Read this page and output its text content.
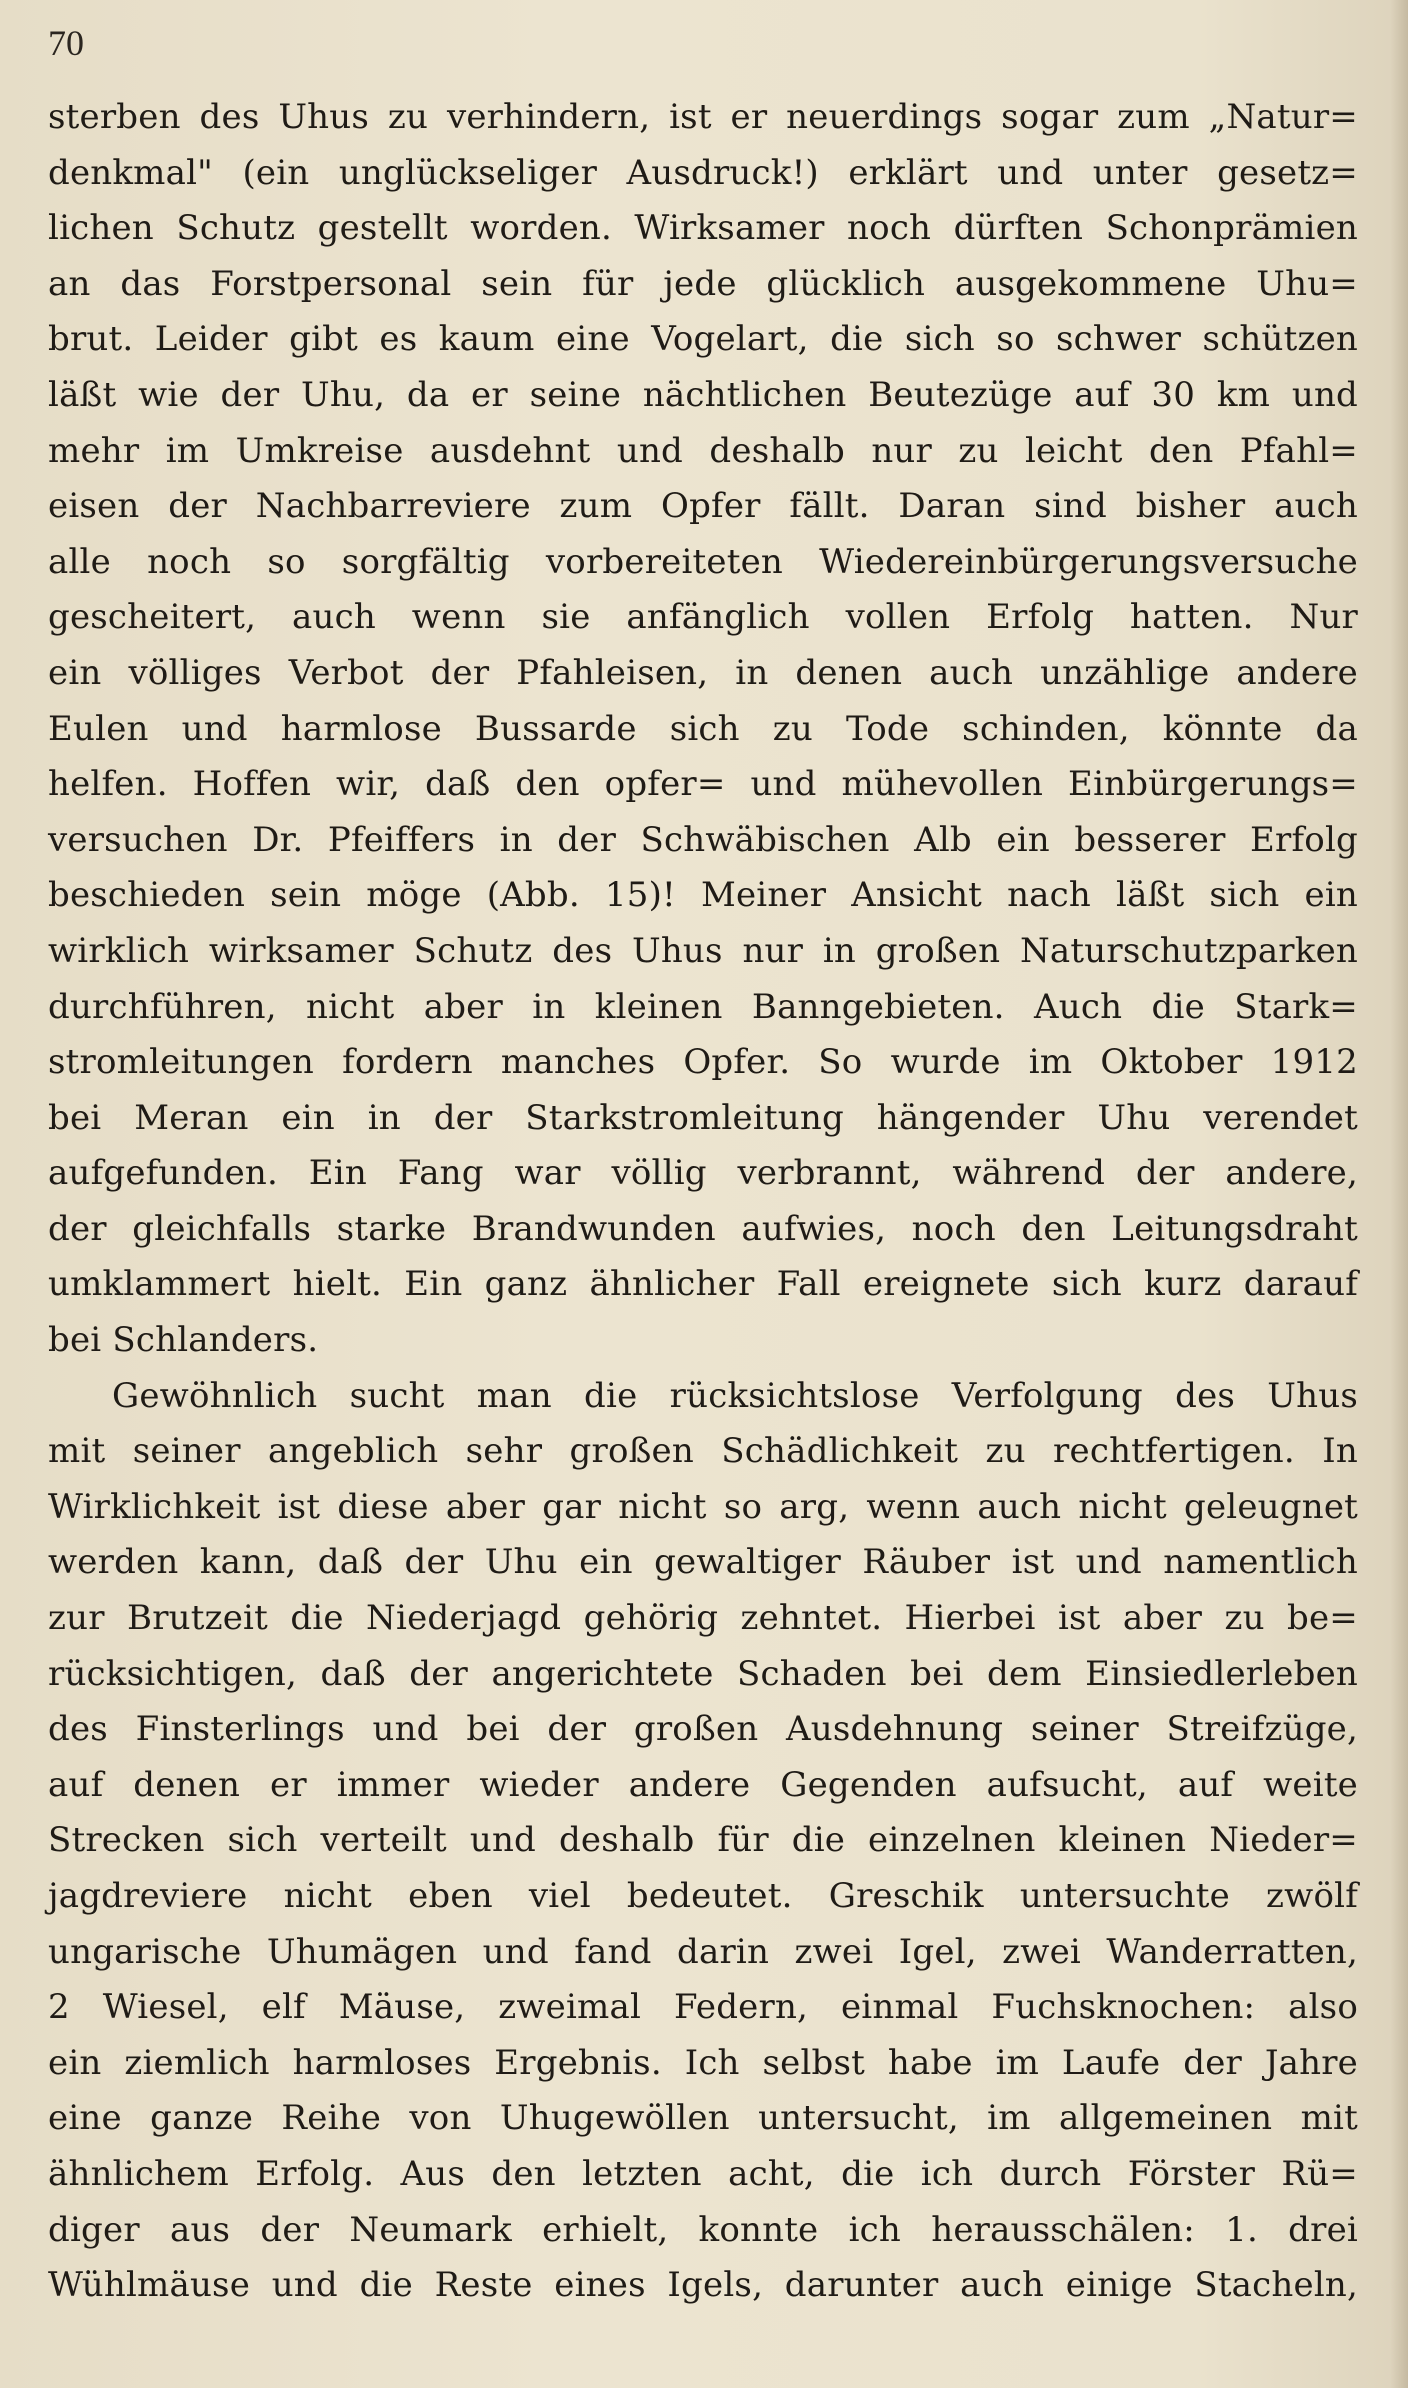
70

sterben des Uhus zu verhindern, ist er neuerdings sogar zum „Natur=
denkmal" (ein unglückseliger Ausdruck!) erklärt und unter gesetz=
lichen Schutz gestellt worden. Wirksamer noch dürften Schonprämien
an das Forstpersonal sein für jede glücklich ausgekommene Uhu=
brut. Leider gibt es kaum eine Vogelart, die sich so schwer schützen
läßt wie der Uhu, da er seine nächtlichen Beutezüge auf 30 km und
mehr im Umkreise ausdehnt und deshalb nur zu leicht den Pfahl=
eisen der Nachbarreviere zum Opfer fällt. Daran sind bisher auch
alle noch so sorgfältig vorbereiteten Wiedereinbürgerungsversuche
gescheitert, auch wenn sie anfänglich vollen Erfolg hatten. Nur
ein völliges Verbot der Pfahleisen, in denen auch unzählige andere
Eulen und harmlose Bussarde sich zu Tode schinden, könnte da
helfen. Hoffen wir, daß den opfer= und mühevollen Einbürgerungs=
versuchen Dr. Pfeiffers in der Schwäbischen Alb ein besserer Erfolg
beschieden sein möge (Abb. 15)! Meiner Ansicht nach läßt sich ein
wirklich wirksamer Schutz des Uhus nur in großen Naturschutzparken
durchführen, nicht aber in kleinen Banngebieten. Auch die Stark=
stromleitungen fordern manches Opfer. So wurde im Oktober 1912
bei Meran ein in der Starkstromleitung hängender Uhu verendet
aufgefunden. Ein Fang war völlig verbrannt, während der andere,
der gleichfalls starke Brandwunden aufwies, noch den Leitungsdraht
umklammert hielt. Ein ganz ähnlicher Fall ereignete sich kurz darauf
bei Schlanders.
Gewöhnlich sucht man die rücksichtslose Verfolgung des Uhus
mit seiner angeblich sehr großen Schädlichkeit zu rechtfertigen. In
Wirklichkeit ist diese aber gar nicht so arg, wenn auch nicht geleugnet
werden kann, daß der Uhu ein gewaltiger Räuber ist und namentlich
zur Brutzeit die Niederjagd gehörig zehntet. Hierbei ist aber zu be=
rücksichtigen, daß der angerichtete Schaden bei dem Einsiedlerleben
des Finsterlings und bei der großen Ausdehnung seiner Streifzüge,
auf denen er immer wieder andere Gegenden aufsucht, auf weite
Strecken sich verteilt und deshalb für die einzelnen kleinen Nieder=
jagdreviere nicht eben viel bedeutet. Greschik untersuchte zwölf
ungarische Uhumägen und fand darin zwei Igel, zwei Wanderratten,
2 Wiesel, elf Mäuse, zweimal Federn, einmal Fuchsknochen: also
ein ziemlich harmloses Ergebnis. Ich selbst habe im Laufe der Jahre
eine ganze Reihe von Uhugewöllen untersucht, im allgemeinen mit
ähnlichem Erfolg. Aus den letzten acht, die ich durch Förster Rü=
diger aus der Neumark erhielt, konnte ich herausschälen: 1. drei
Wühlmäuse und die Reste eines Igels, darunter auch einige Stacheln,
